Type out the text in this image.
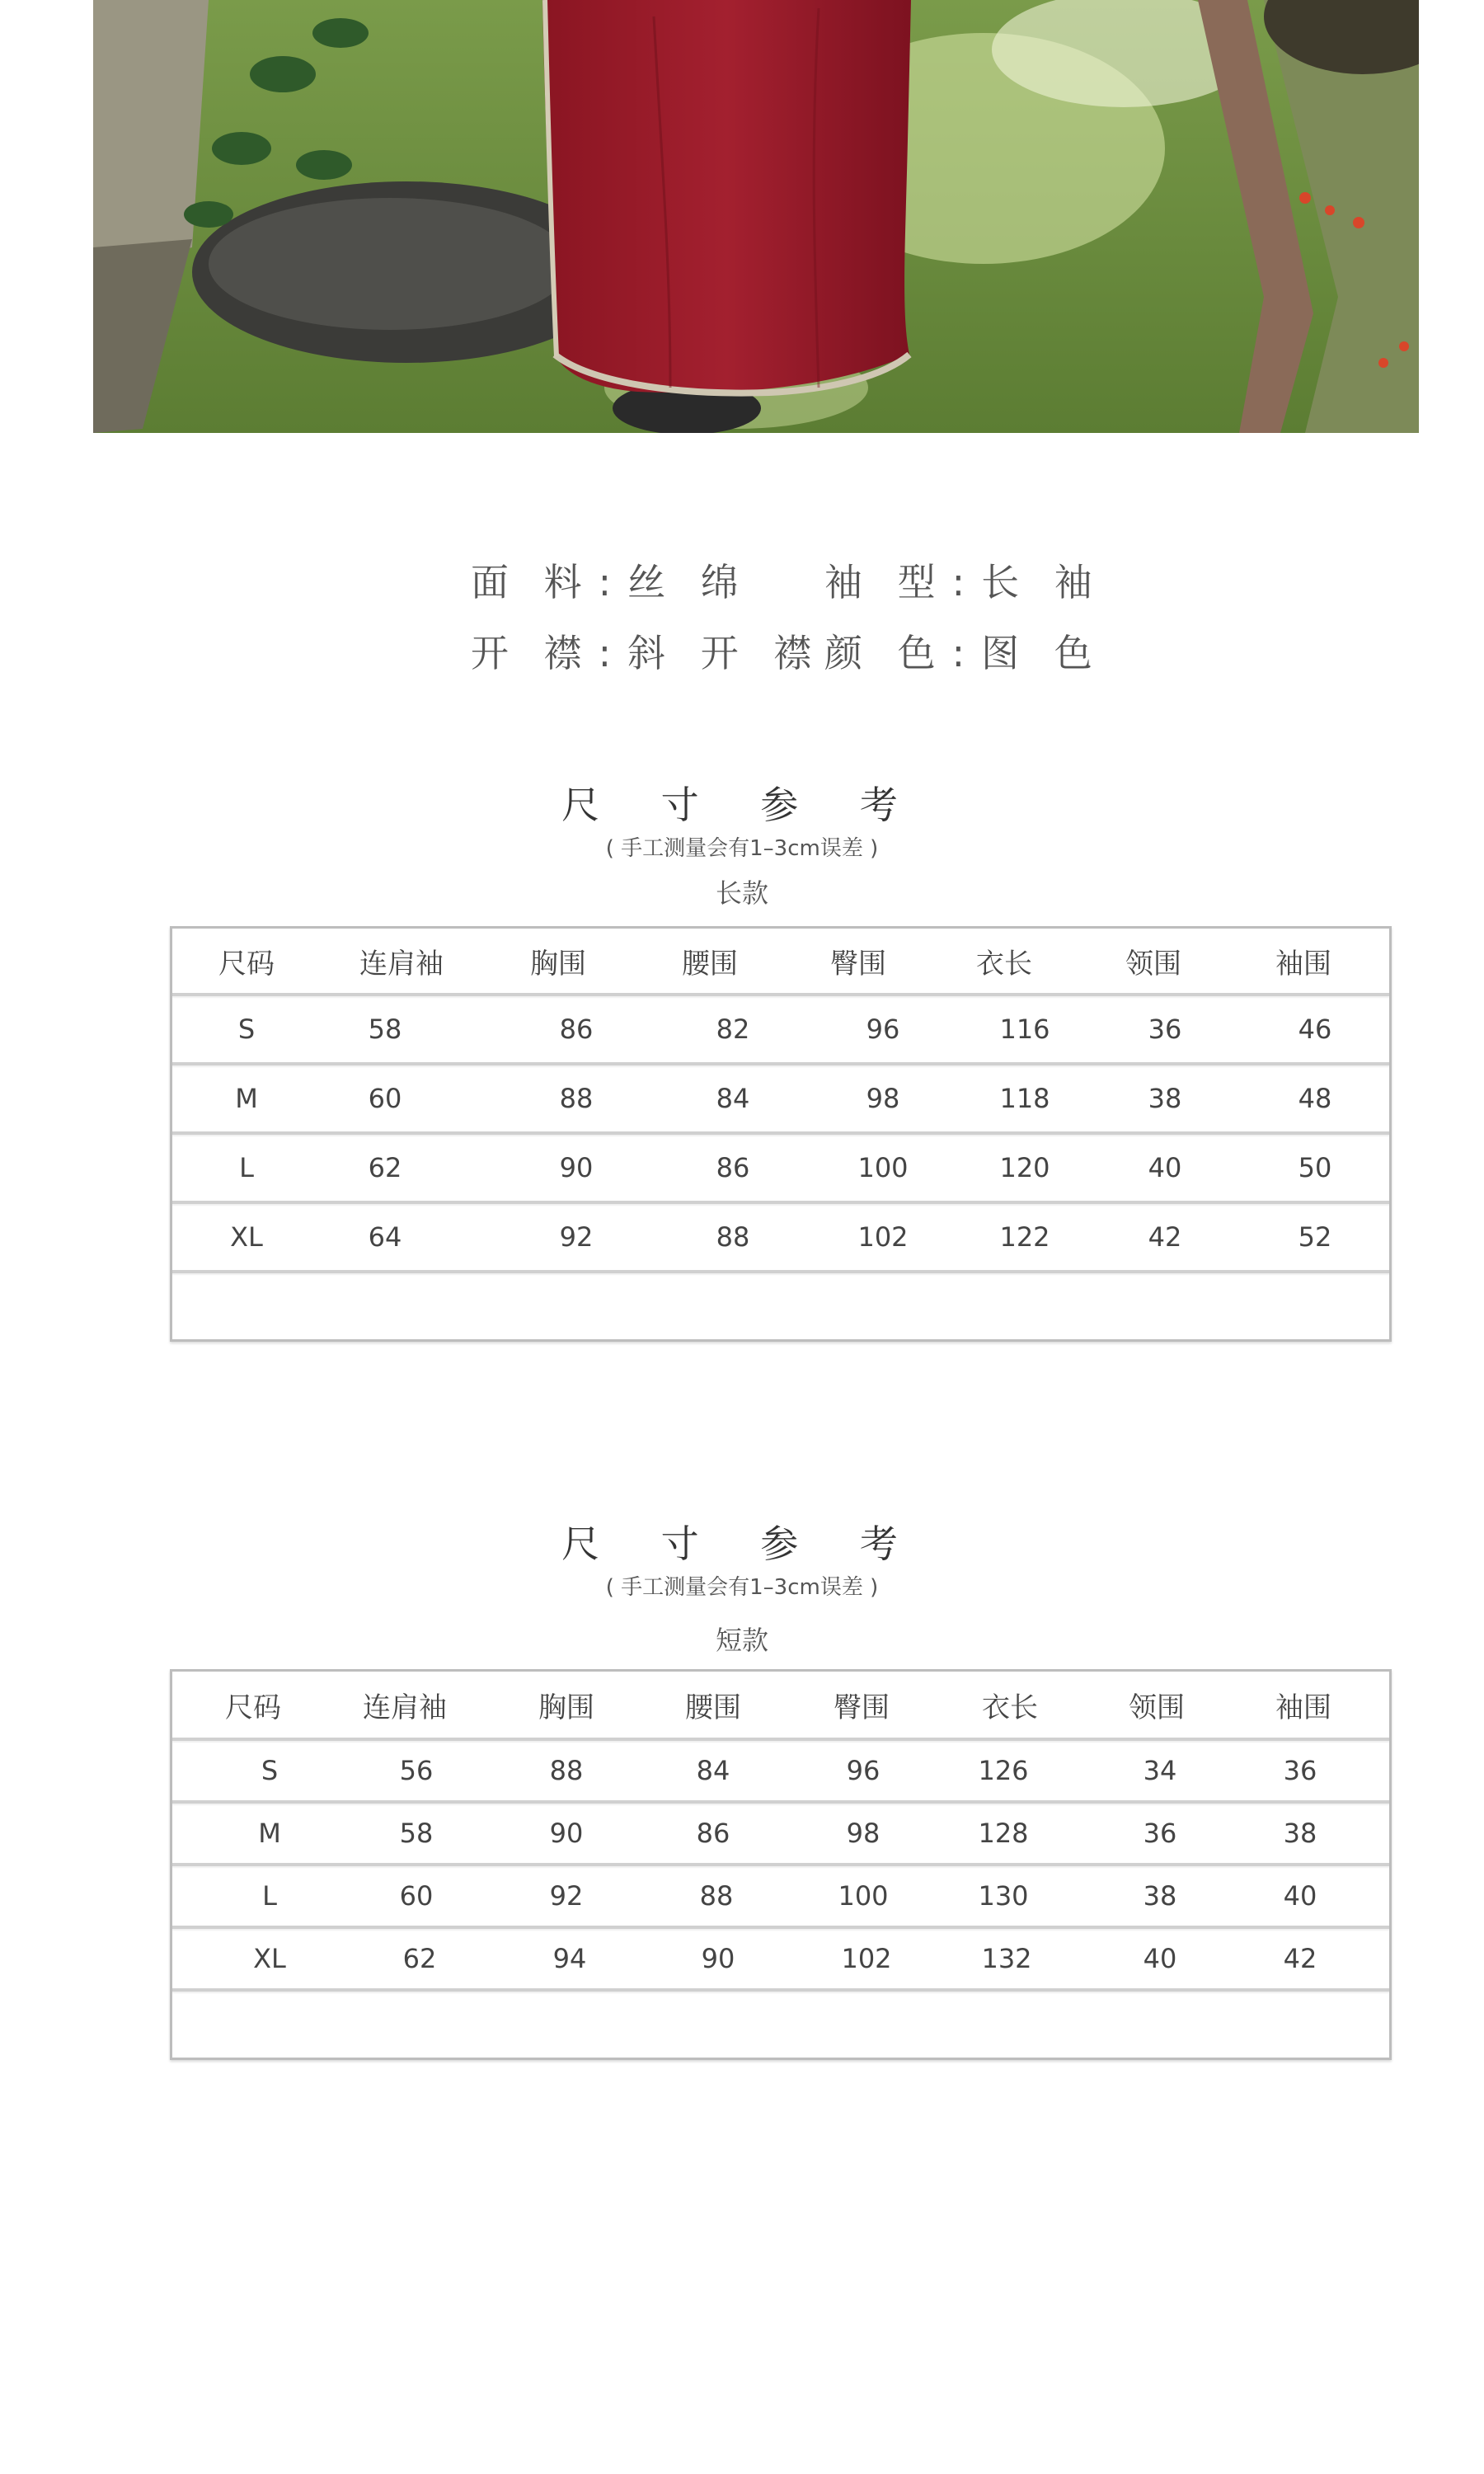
面 料 : 丝 绵 袖 型 : 长 袖
开 襟 : 斜 开 襟 颜 色 : 图 色
尺 寸 参 考
( 手工测量会有1–3cm误差 )
长款
尺码	连肩袖	胸围	腰围	臀围	衣长	领围	袖围
S	58	86	82	96	116	36	46
M	60	88	84	98	118	38	48
L	62	90	86	100	120	40	50
XL	64	92	88	102	122	42	52
尺 寸 参 考
( 手工测量会有1–3cm误差 )
短款
尺码	连肩袖	胸围	腰围	臀围	衣长	领围	袖围
S	56	88	84	96	126	34	36
M	58	90	86	98	128	36	38
L	60	92	88	100	130	38	40
XL	62	94	90	102	132	40	42
